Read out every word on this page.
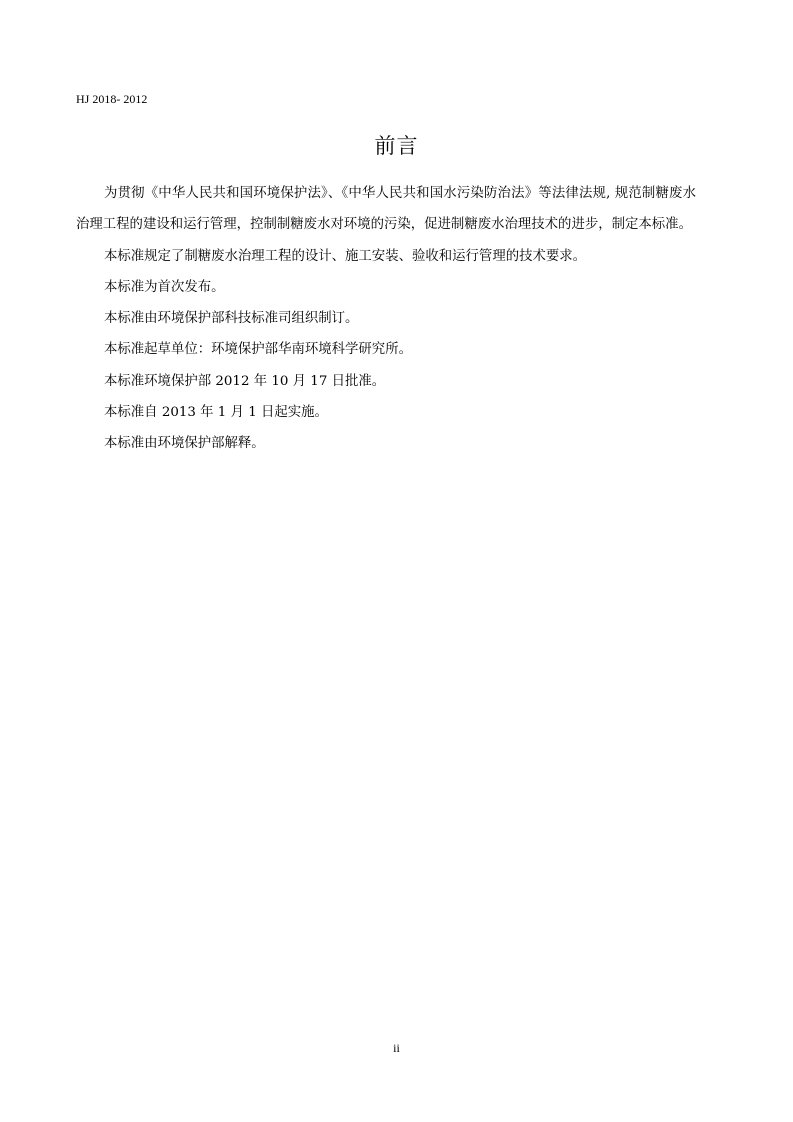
HJ 2018- 2012
前言

为贯彻《中华人民共和国环境保护法》、《中华人民共和国水污染防治法》等法律法规, 规范制糖废水治理工程的建设和运行管理，控制制糖废水对环境的污染，促进制糖废水治理技术的进步，制定本标准。

本标准规定了制糖废水治理工程的设计、施工安装、验收和运行管理的技术要求。

本标准为首次发布。

本标准由环境保护部科技标准司组织制订。

本标准起草单位：环境保护部华南环境科学研究所。

本标准环境保护部 2012 年 10 月 17 日批准。

本标准自 2013 年 1 月 1 日起实施。

本标准由环境保护部解释。

ii
